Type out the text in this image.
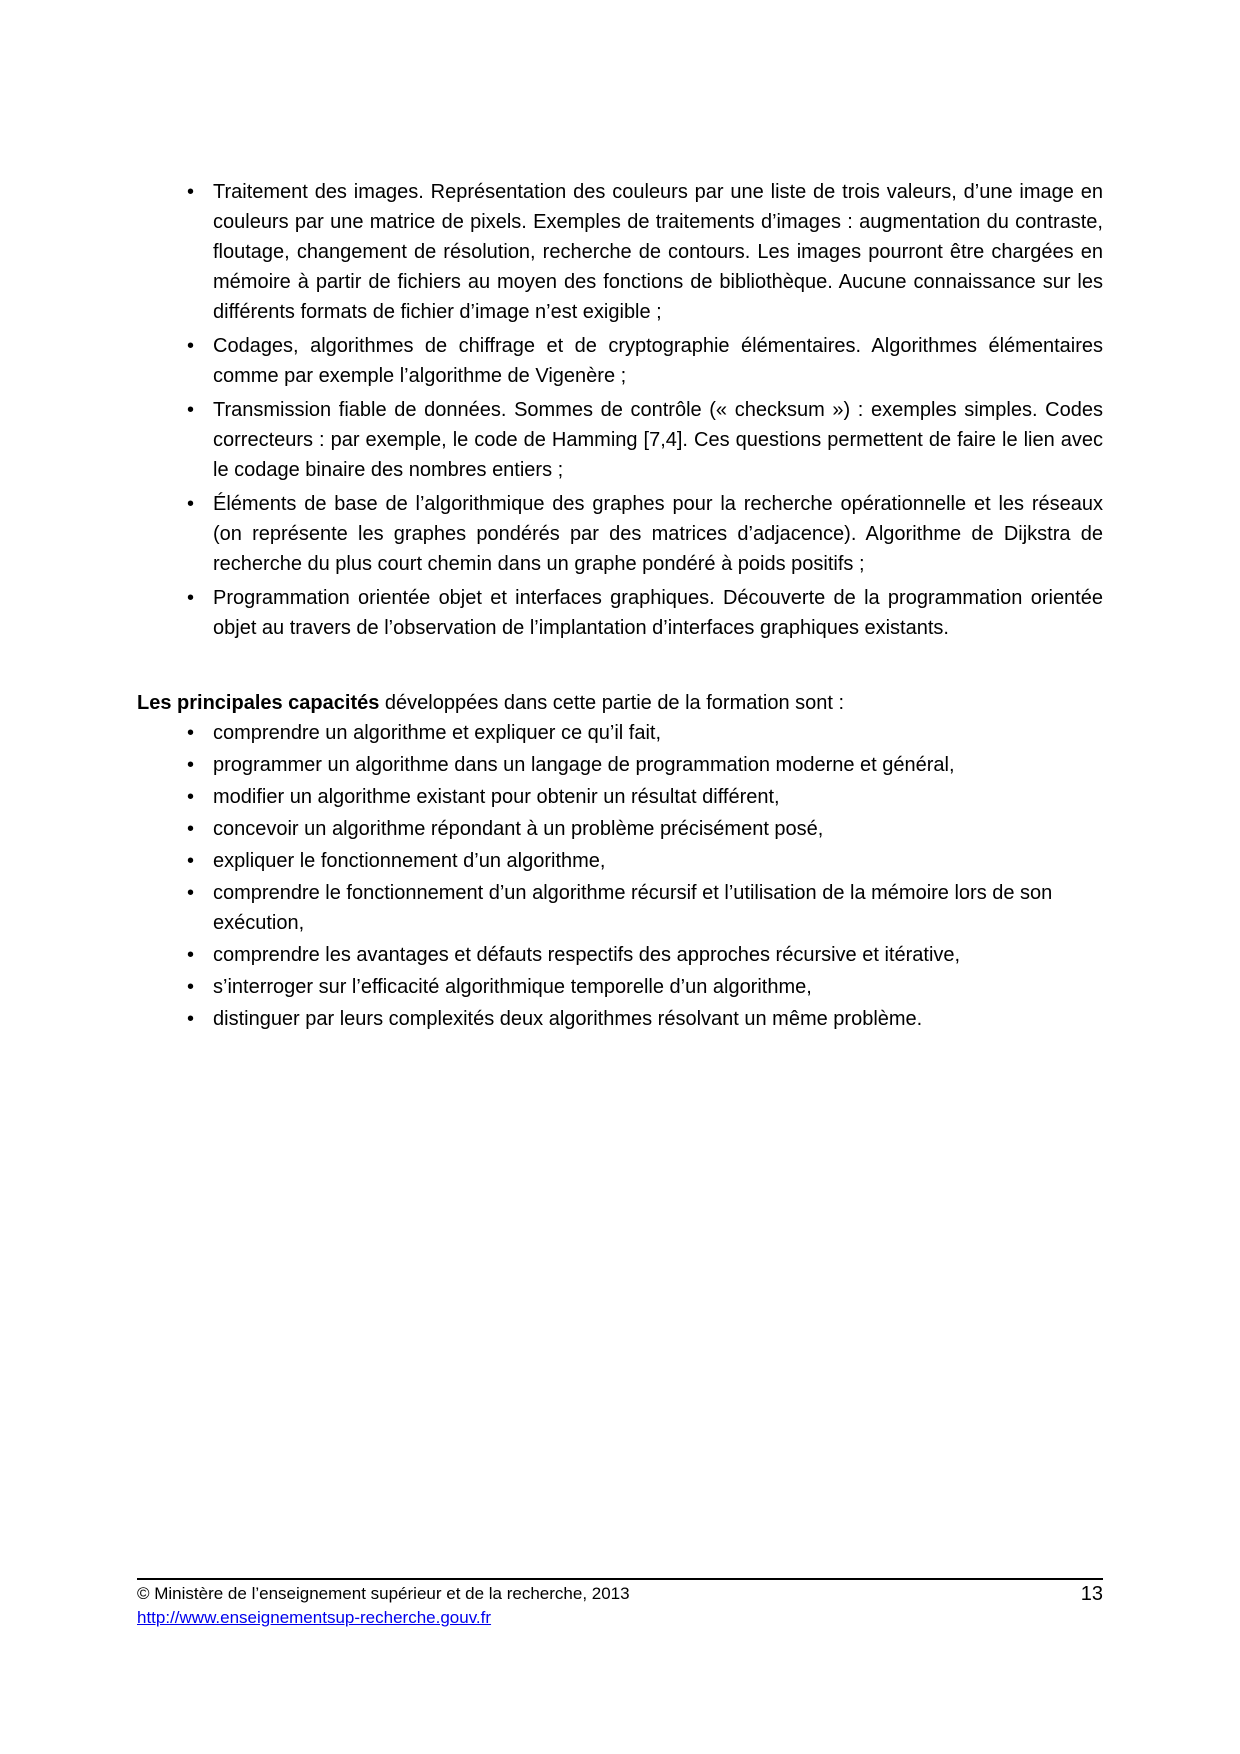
• Traitement des images. Représentation des couleurs par une liste de trois valeurs, d’une image en couleurs par une matrice de pixels. Exemples de traitements d’images : augmentation du contraste, floutage, changement de résolution, recherche de contours. Les images pourront être chargées en mémoire à partir de fichiers au moyen des fonctions de bibliothèque. Aucune connaissance sur les différents formats de fichier d’image n’est exigible ;
• Codages, algorithmes de chiffrage et de cryptographie élémentaires. Algorithmes élémentaires comme par exemple l’algorithme de Vigenère ;
• Transmission fiable de données. Sommes de contrôle (« checksum ») : exemples simples. Codes correcteurs : par exemple, le code de Hamming [7,4]. Ces questions permettent de faire le lien avec le codage binaire des nombres entiers ;
• Éléments de base de l’algorithmique des graphes pour la recherche opérationnelle et les réseaux (on représente les graphes pondérés par des matrices d’adjacence). Algorithme de Dijkstra de recherche du plus court chemin dans un graphe pondéré à poids positifs ;
• Programmation orientée objet et interfaces graphiques. Découverte de la programmation orientée objet au travers de l’observation de l’implantation d’interfaces graphiques existants.

Les principales capacités développées dans cette partie de la formation sont :

• comprendre un algorithme et expliquer ce qu’il fait,
• programmer un algorithme dans un langage de programmation moderne et général,
• modifier un algorithme existant pour obtenir un résultat différent,
• concevoir un algorithme répondant à un problème précisément posé,
• expliquer le fonctionnement d’un algorithme,
• comprendre le fonctionnement d’un algorithme récursif et l’utilisation de la mémoire lors de son exécution,
• comprendre les avantages et défauts respectifs des approches récursive et itérative,
• s’interroger sur l’efficacité algorithmique temporelle d’un algorithme,
• distinguer par leurs complexités deux algorithmes résolvant un même problème.
© Ministère de l’enseignement supérieur et de la recherche, 2013	13
http://www.enseignementsup-recherche.gouv.fr
